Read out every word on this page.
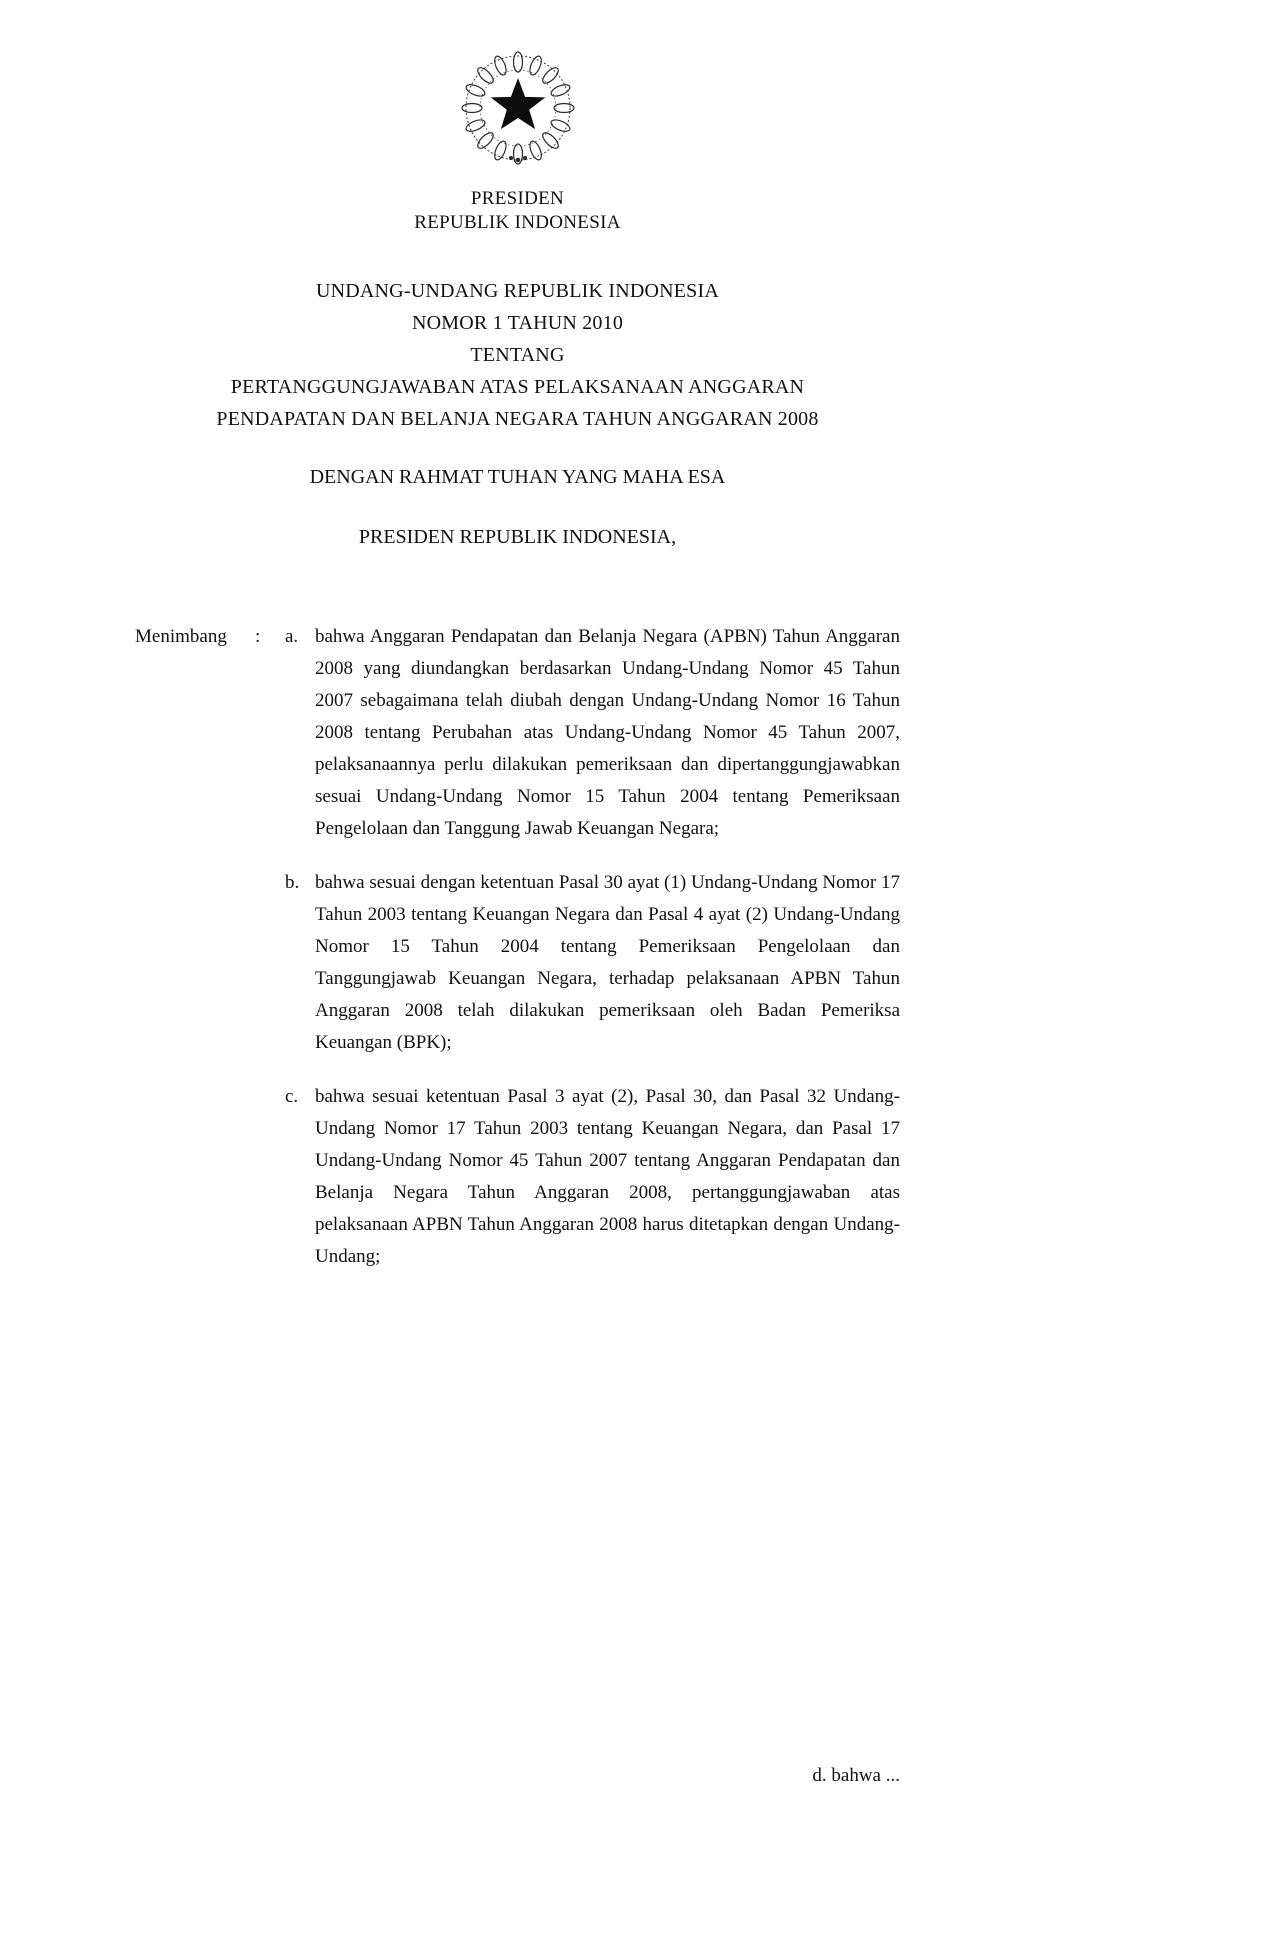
PRESIDEN
REPUBLIK INDONESIA
UNDANG-UNDANG REPUBLIK INDONESIA
NOMOR 1 TAHUN 2010
TENTANG
PERTANGGUNGJAWABAN ATAS PELAKSANAAN ANGGARAN
PENDAPATAN DAN BELANJA NEGARA TAHUN ANGGARAN 2008
DENGAN RAHMAT TUHAN YANG MAHA ESA
PRESIDEN REPUBLIK INDONESIA,
Menimbang	:	a. bahwa Anggaran Pendapatan dan Belanja Negara (APBN) Tahun Anggaran 2008 yang diundangkan berdasarkan Undang-Undang Nomor 45 Tahun 2007 sebagaimana telah diubah dengan Undang-Undang Nomor 16 Tahun 2008 tentang Perubahan atas Undang-Undang Nomor 45 Tahun 2007, pelaksanaannya perlu dilakukan pemeriksaan dan dipertanggungjawabkan sesuai Undang-Undang Nomor 15 Tahun 2004 tentang Pemeriksaan Pengelolaan dan Tanggung Jawab Keuangan Negara;

b. bahwa sesuai dengan ketentuan Pasal 30 ayat (1) Undang-Undang Nomor 17 Tahun 2003 tentang Keuangan Negara dan Pasal 4 ayat (2) Undang-Undang Nomor 15 Tahun 2004 tentang Pemeriksaan Pengelolaan dan Tanggungjawab Keuangan Negara, terhadap pelaksanaan APBN Tahun Anggaran 2008 telah dilakukan pemeriksaan oleh Badan Pemeriksa Keuangan (BPK);

c. bahwa sesuai ketentuan Pasal 3 ayat (2), Pasal 30, dan Pasal 32 Undang-Undang Nomor 17 Tahun 2003 tentang Keuangan Negara, dan Pasal 17 Undang-Undang Nomor 45 Tahun 2007 tentang Anggaran Pendapatan dan Belanja Negara Tahun Anggaran 2008, pertanggungjawaban atas pelaksanaan APBN Tahun Anggaran 2008 harus ditetapkan dengan Undang-Undang;

d. bahwa ...
